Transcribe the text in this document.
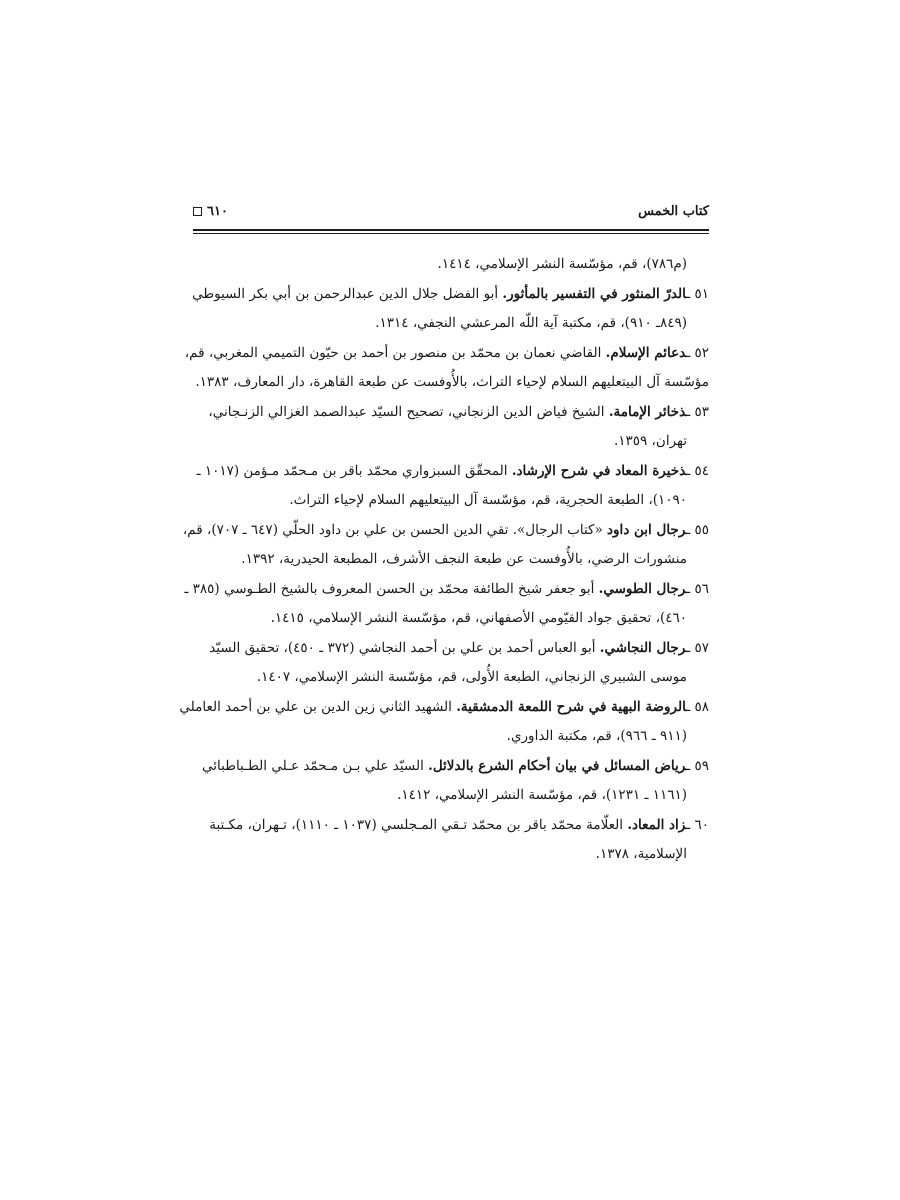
كتاب الخمس
٦١٠

(م٧٨٦)، قم، مؤسّسة النشر الإسلامي، ١٤١٤.

٥١ ـالدرّ المنثور في التفسير بالمأثور. أبو الفضل جلال الدين عبدالرحمن بن أبي بكر السيوطي
(٨٤٩ـ ٩١٠)، قم، مكتبة آية اللّه المرعشي النجفي، ١٣١٤.

٥٢ ـدعائم الإسلام. القاضي نعمان بن محمّد بن منصور بن أحمد بن حيّون التميمي المغربي، قم،
مؤسّسة آل البيتعليهم السلام لإحياء التراث، بالأُوفست عن طبعة القاهرة، دار المعارف، ١٣٨٣.

٥٣ ـذخائر الإمامة. الشيخ فياض الدين الزنجاني، تصحيح السيّد عبدالصمد الغزالي الزنـجاني،
تهران، ١٣٥٩.

٥٤ ـذخيرة المعاد في شرح الإرشاد. المحقّق السبزواري محمّد باقر بن مـحمّد مـؤمن (١٠١٧ ـ
١٠٩٠)، الطبعة الحجرية، قم، مؤسّسة آل البيتعليهم السلام لإحياء التراث.

٥٥ ـرجال ابن داود «كتاب الرجال». تقي الدين الحسن بن علي بن داود الحلّي (٦٤٧ ـ ٧٠٧)، قم،
منشورات الرضي، بالأُوفست عن طبعة النجف الأشرف، المطبعة الحيدرية، ١٣٩٢.

٥٦ ـرجال الطوسي. أبو جعفر شيخ الطائفة محمّد بن الحسن المعروف بالشيخ الطـوسي (٣٨٥ ـ
٤٦٠)، تحقيق جواد القيّومي الأصفهاني، قم، مؤسّسة النشر الإسلامي، ١٤١٥.

٥٧ ـرجال النجاشي. أبو العباس أحمد بن علي بن أحمد النجاشي (٣٧٢ ـ ٤٥٠)، تحقيق السيّد
موسى الشبيري الزنجاني، الطبعة الأُولى، قم، مؤسّسة النشر الإسلامي، ١٤٠٧.

٥٨ ـالروضة البهية في شرح اللمعة الدمشقية. الشهيد الثاني زين الدين بن علي بن أحمد العاملي
(٩١١ ـ ٩٦٦)، قم، مكتبة الداوري.

٥٩ ـرياض المسائل في بيان أحكام الشرع بالدلائل. السيّد علي بـن مـحمّد عـلي الطـباطبائي
(١١٦١ ـ ١٢٣١)، قم، مؤسّسة النشر الإسلامي، ١٤١٢.

٦٠ ـزاد المعاد. العلّامة محمّد باقر بن محمّد تـقي المـجلسي (١٠٣٧ ـ ١١١٠)، تـهران، مكـتبة
الإسلامية، ١٣٧٨.
